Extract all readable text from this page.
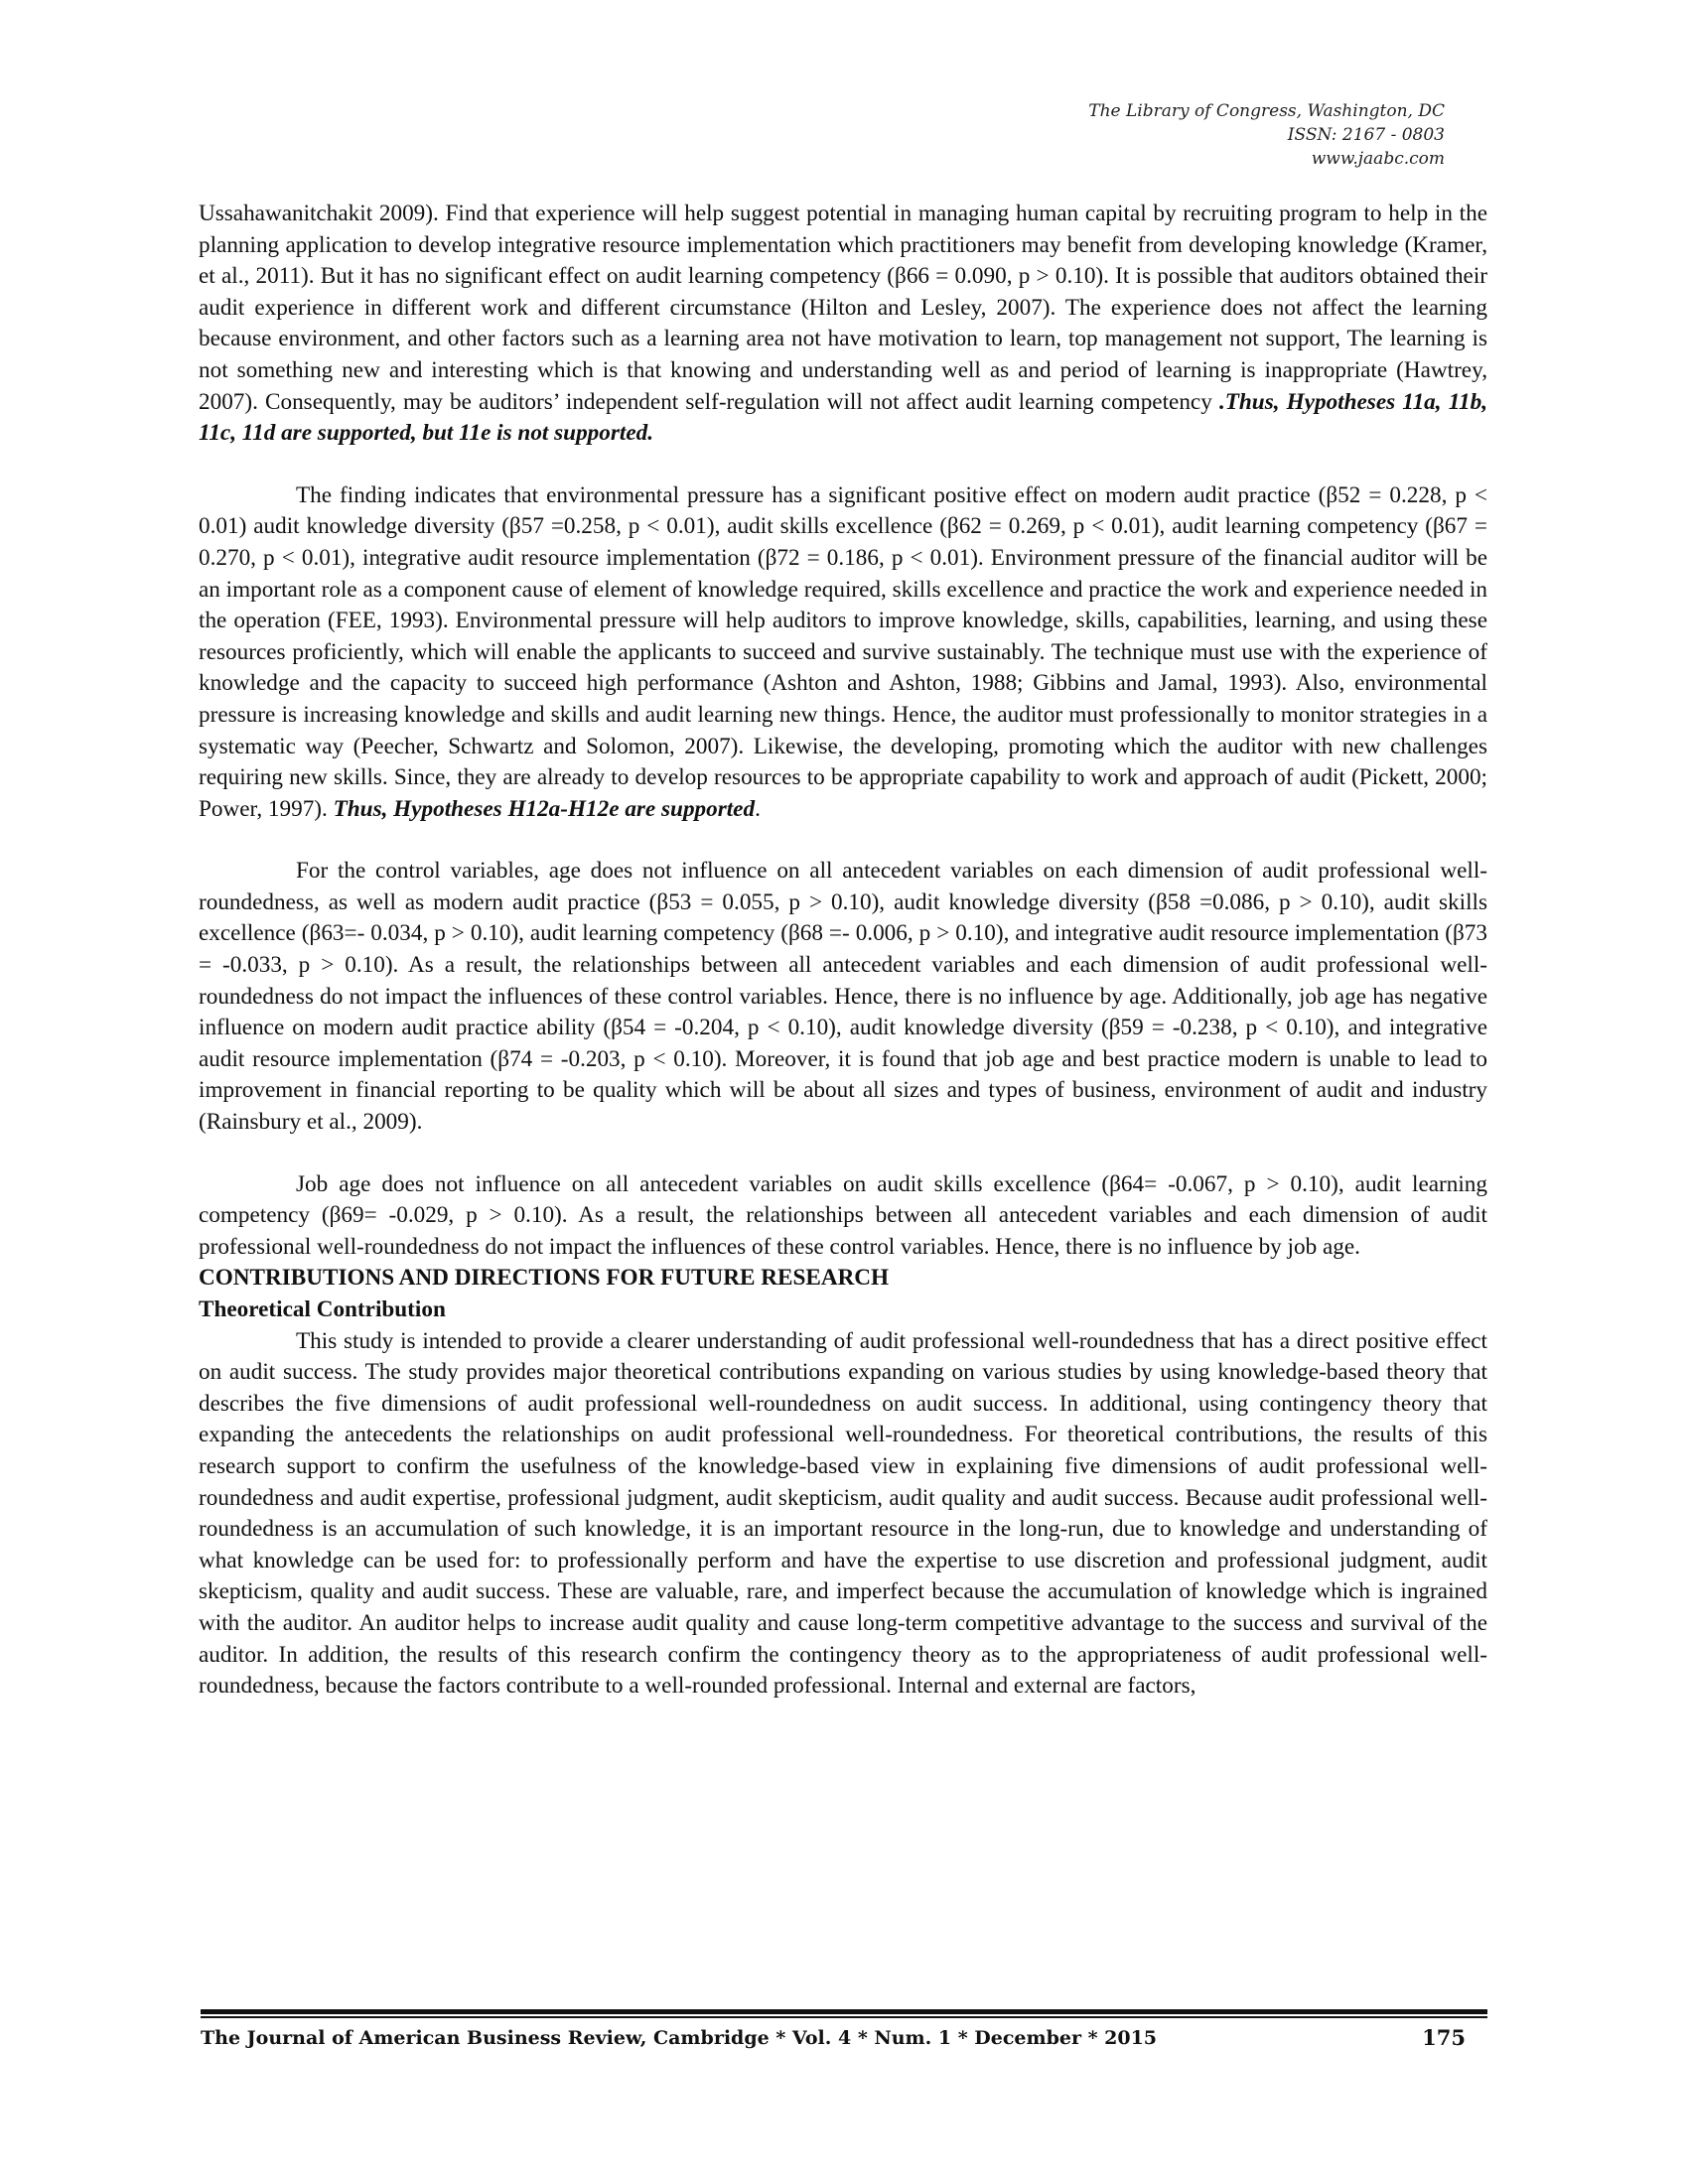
The Library of Congress, Washington, DC
ISSN: 2167 - 0803
www.jaabc.com

Ussahawanitchakit 2009). Find that experience will help suggest potential in managing human capital by recruiting program to help in the planning application to develop integrative resource implementation which practitioners may benefit from developing knowledge (Kramer, et al., 2011). But it has no significant effect on audit learning competency (β66 = 0.090, p > 0.10). It is possible that auditors obtained their audit experience in different work and different circumstance (Hilton and Lesley, 2007). The experience does not affect the learning because environment, and other factors such as a learning area not have motivation to learn, top management not support, The learning is not something new and interesting which is that knowing and understanding well as and period of learning is inappropriate (Hawtrey, 2007). Consequently, may be auditors’ independent self-regulation will not affect audit learning competency .Thus, Hypotheses 11a, 11b, 11c, 11d are supported, but 11e is not supported.

The finding indicates that environmental pressure has a significant positive effect on modern audit practice (β52 = 0.228, p < 0.01) audit knowledge diversity (β57 =0.258, p < 0.01), audit skills excellence (β62 = 0.269, p < 0.01), audit learning competency (β67 = 0.270, p < 0.01), integrative audit resource implementation (β72 = 0.186, p < 0.01). Environment pressure of the financial auditor will be an important role as a component cause of element of knowledge required, skills excellence and practice the work and experience needed in the operation (FEE, 1993). Environmental pressure will help auditors to improve knowledge, skills, capabilities, learning, and using these resources proficiently, which will enable the applicants to succeed and survive sustainably. The technique must use with the experience of knowledge and the capacity to succeed high performance (Ashton and Ashton, 1988; Gibbins and Jamal, 1993). Also, environmental pressure is increasing knowledge and skills and audit learning new things. Hence, the auditor must professionally to monitor strategies in a systematic way (Peecher, Schwartz and Solomon, 2007). Likewise, the developing, promoting which the auditor with new challenges requiring new skills. Since, they are already to develop resources to be appropriate capability to work and approach of audit (Pickett, 2000; Power, 1997). Thus, Hypotheses H12a-H12e are supported.

For the control variables, age does not influence on all antecedent variables on each dimension of audit professional well-roundedness, as well as modern audit practice (β53 = 0.055, p > 0.10), audit knowledge diversity (β58 =0.086, p > 0.10), audit skills excellence (β63=- 0.034, p > 0.10), audit learning competency (β68 =- 0.006, p > 0.10), and integrative audit resource implementation (β73 = -0.033, p > 0.10). As a result, the relationships between all antecedent variables and each dimension of audit professional well-roundedness do not impact the influences of these control variables. Hence, there is no influence by age. Additionally, job age has negative influence on modern audit practice ability (β54 = -0.204, p < 0.10), audit knowledge diversity (β59 = -0.238, p < 0.10), and integrative audit resource implementation (β74 = -0.203, p < 0.10). Moreover, it is found that job age and best practice modern is unable to lead to improvement in financial reporting to be quality which will be about all sizes and types of business, environment of audit and industry (Rainsbury et al., 2009).

Job age does not influence on all antecedent variables on audit skills excellence (β64= -0.067, p > 0.10), audit learning competency (β69= -0.029, p > 0.10). As a result, the relationships between all antecedent variables and each dimension of audit professional well-roundedness do not impact the influences of these control variables. Hence, there is no influence by job age.

CONTRIBUTIONS AND DIRECTIONS FOR FUTURE RESEARCH

Theoretical Contribution

This study is intended to provide a clearer understanding of audit professional well-roundedness that has a direct positive effect on audit success. The study provides major theoretical contributions expanding on various studies by using knowledge-based theory that describes the five dimensions of audit professional well-roundedness on audit success. In additional, using contingency theory that expanding the antecedents the relationships on audit professional well-roundedness. For theoretical contributions, the results of this research support to confirm the usefulness of the knowledge-based view in explaining five dimensions of audit professional well-roundedness and audit expertise, professional judgment, audit skepticism, audit quality and audit success. Because audit professional well-roundedness is an accumulation of such knowledge, it is an important resource in the long-run, due to knowledge and understanding of what knowledge can be used for: to professionally perform and have the expertise to use discretion and professional judgment, audit skepticism, quality and audit success. These are valuable, rare, and imperfect because the accumulation of knowledge which is ingrained with the auditor. An auditor helps to increase audit quality and cause long-term competitive advantage to the success and survival of the auditor. In addition, the results of this research confirm the contingency theory as to the appropriateness of audit professional well-roundedness, because the factors contribute to a well-rounded professional. Internal and external are factors,

The Journal of American Business Review, Cambridge * Vol. 4 * Num. 1 * December * 2015	175
